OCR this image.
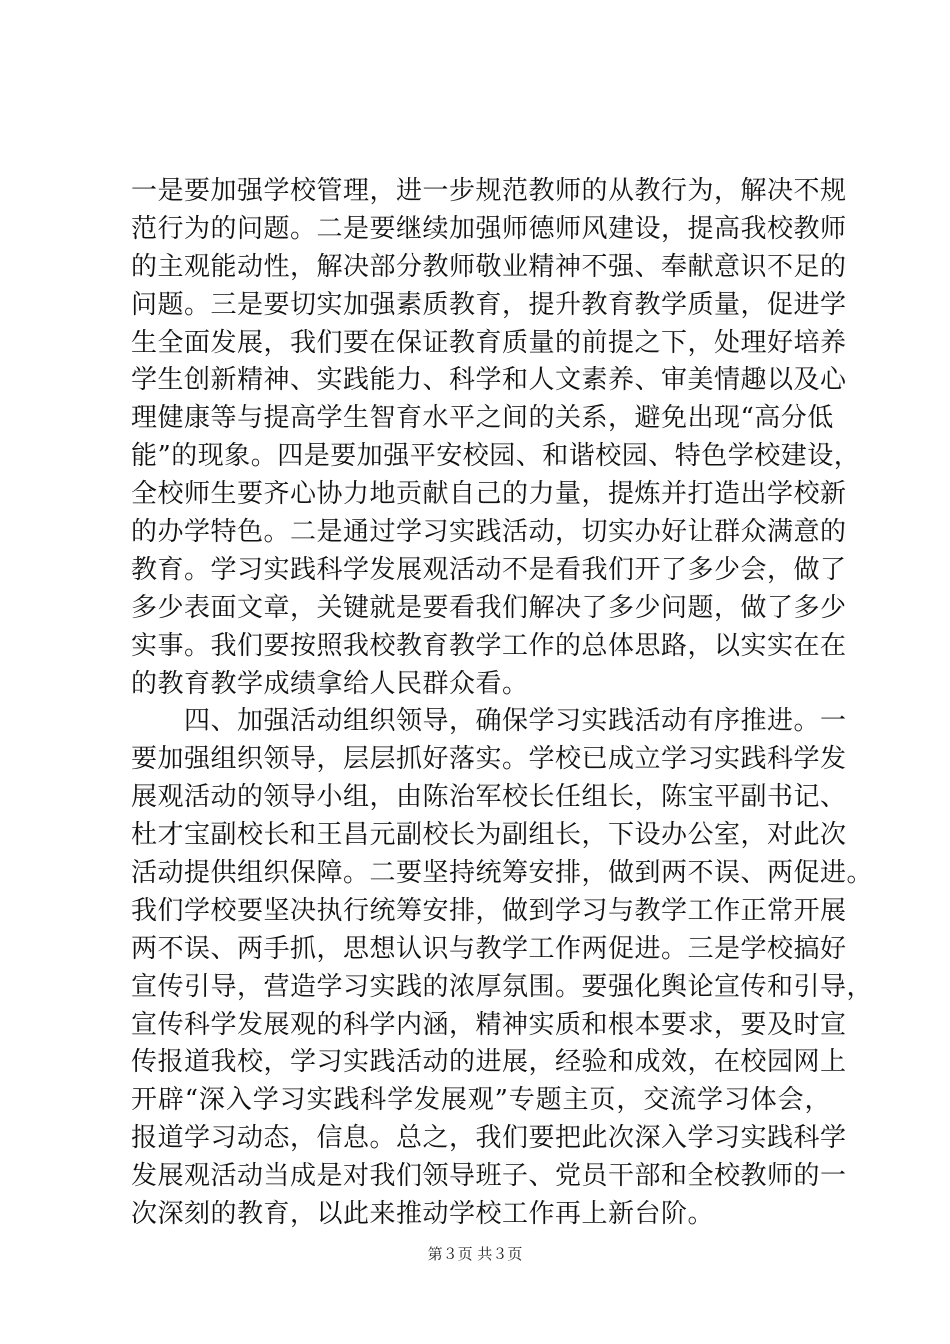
一是要加强学校管理，进一步规范教师的从教行为，解决不规
范行为的问题。二是要继续加强师德师风建设，提高我校教师
的主观能动性，解决部分教师敬业精神不强、奉献意识不足的
问题。三是要切实加强素质教育，提升教育教学质量，促进学
生全面发展，我们要在保证教育质量的前提之下，处理好培养
学生创新精神、实践能力、科学和人文素养、审美情趣以及心
理健康等与提高学生智育水平之间的关系，避免出现“高分低
能”的现象。四是要加强平安校园、和谐校园、特色学校建设，
全校师生要齐心协力地贡献自己的力量，提炼并打造出学校新
的办学特色。二是通过学习实践活动，切实办好让群众满意的
教育。学习实践科学发展观活动不是看我们开了多少会，做了
多少表面文章，关键就是要看我们解决了多少问题，做了多少
实事。我们要按照我校教育教学工作的总体思路，以实实在在
的教育教学成绩拿给人民群众看。
　　四、加强活动组织领导，确保学习实践活动有序推进。一
要加强组织领导，层层抓好落实。学校已成立学习实践科学发
展观活动的领导小组，由陈治军校长任组长，陈宝平副书记、
杜才宝副校长和王昌元副校长为副组长，下设办公室，对此次
活动提供组织保障。二要坚持统筹安排，做到两不误、两促进。
我们学校要坚决执行统筹安排，做到学习与教学工作正常开展
两不误、两手抓，思想认识与教学工作两促进。三是学校搞好
宣传引导，营造学习实践的浓厚氛围。要强化舆论宣传和引导，
宣传科学发展观的科学内涵，精神实质和根本要求，要及时宣
传报道我校，学习实践活动的进展，经验和成效，在校园网上
开辟“深入学习实践科学发展观”专题主页，交流学习体会，
报道学习动态，信息。总之，我们要把此次深入学习实践科学
发展观活动当成是对我们领导班子、党员干部和全校教师的一
次深刻的教育，以此来推动学校工作再上新台阶。
第３页 共３页
